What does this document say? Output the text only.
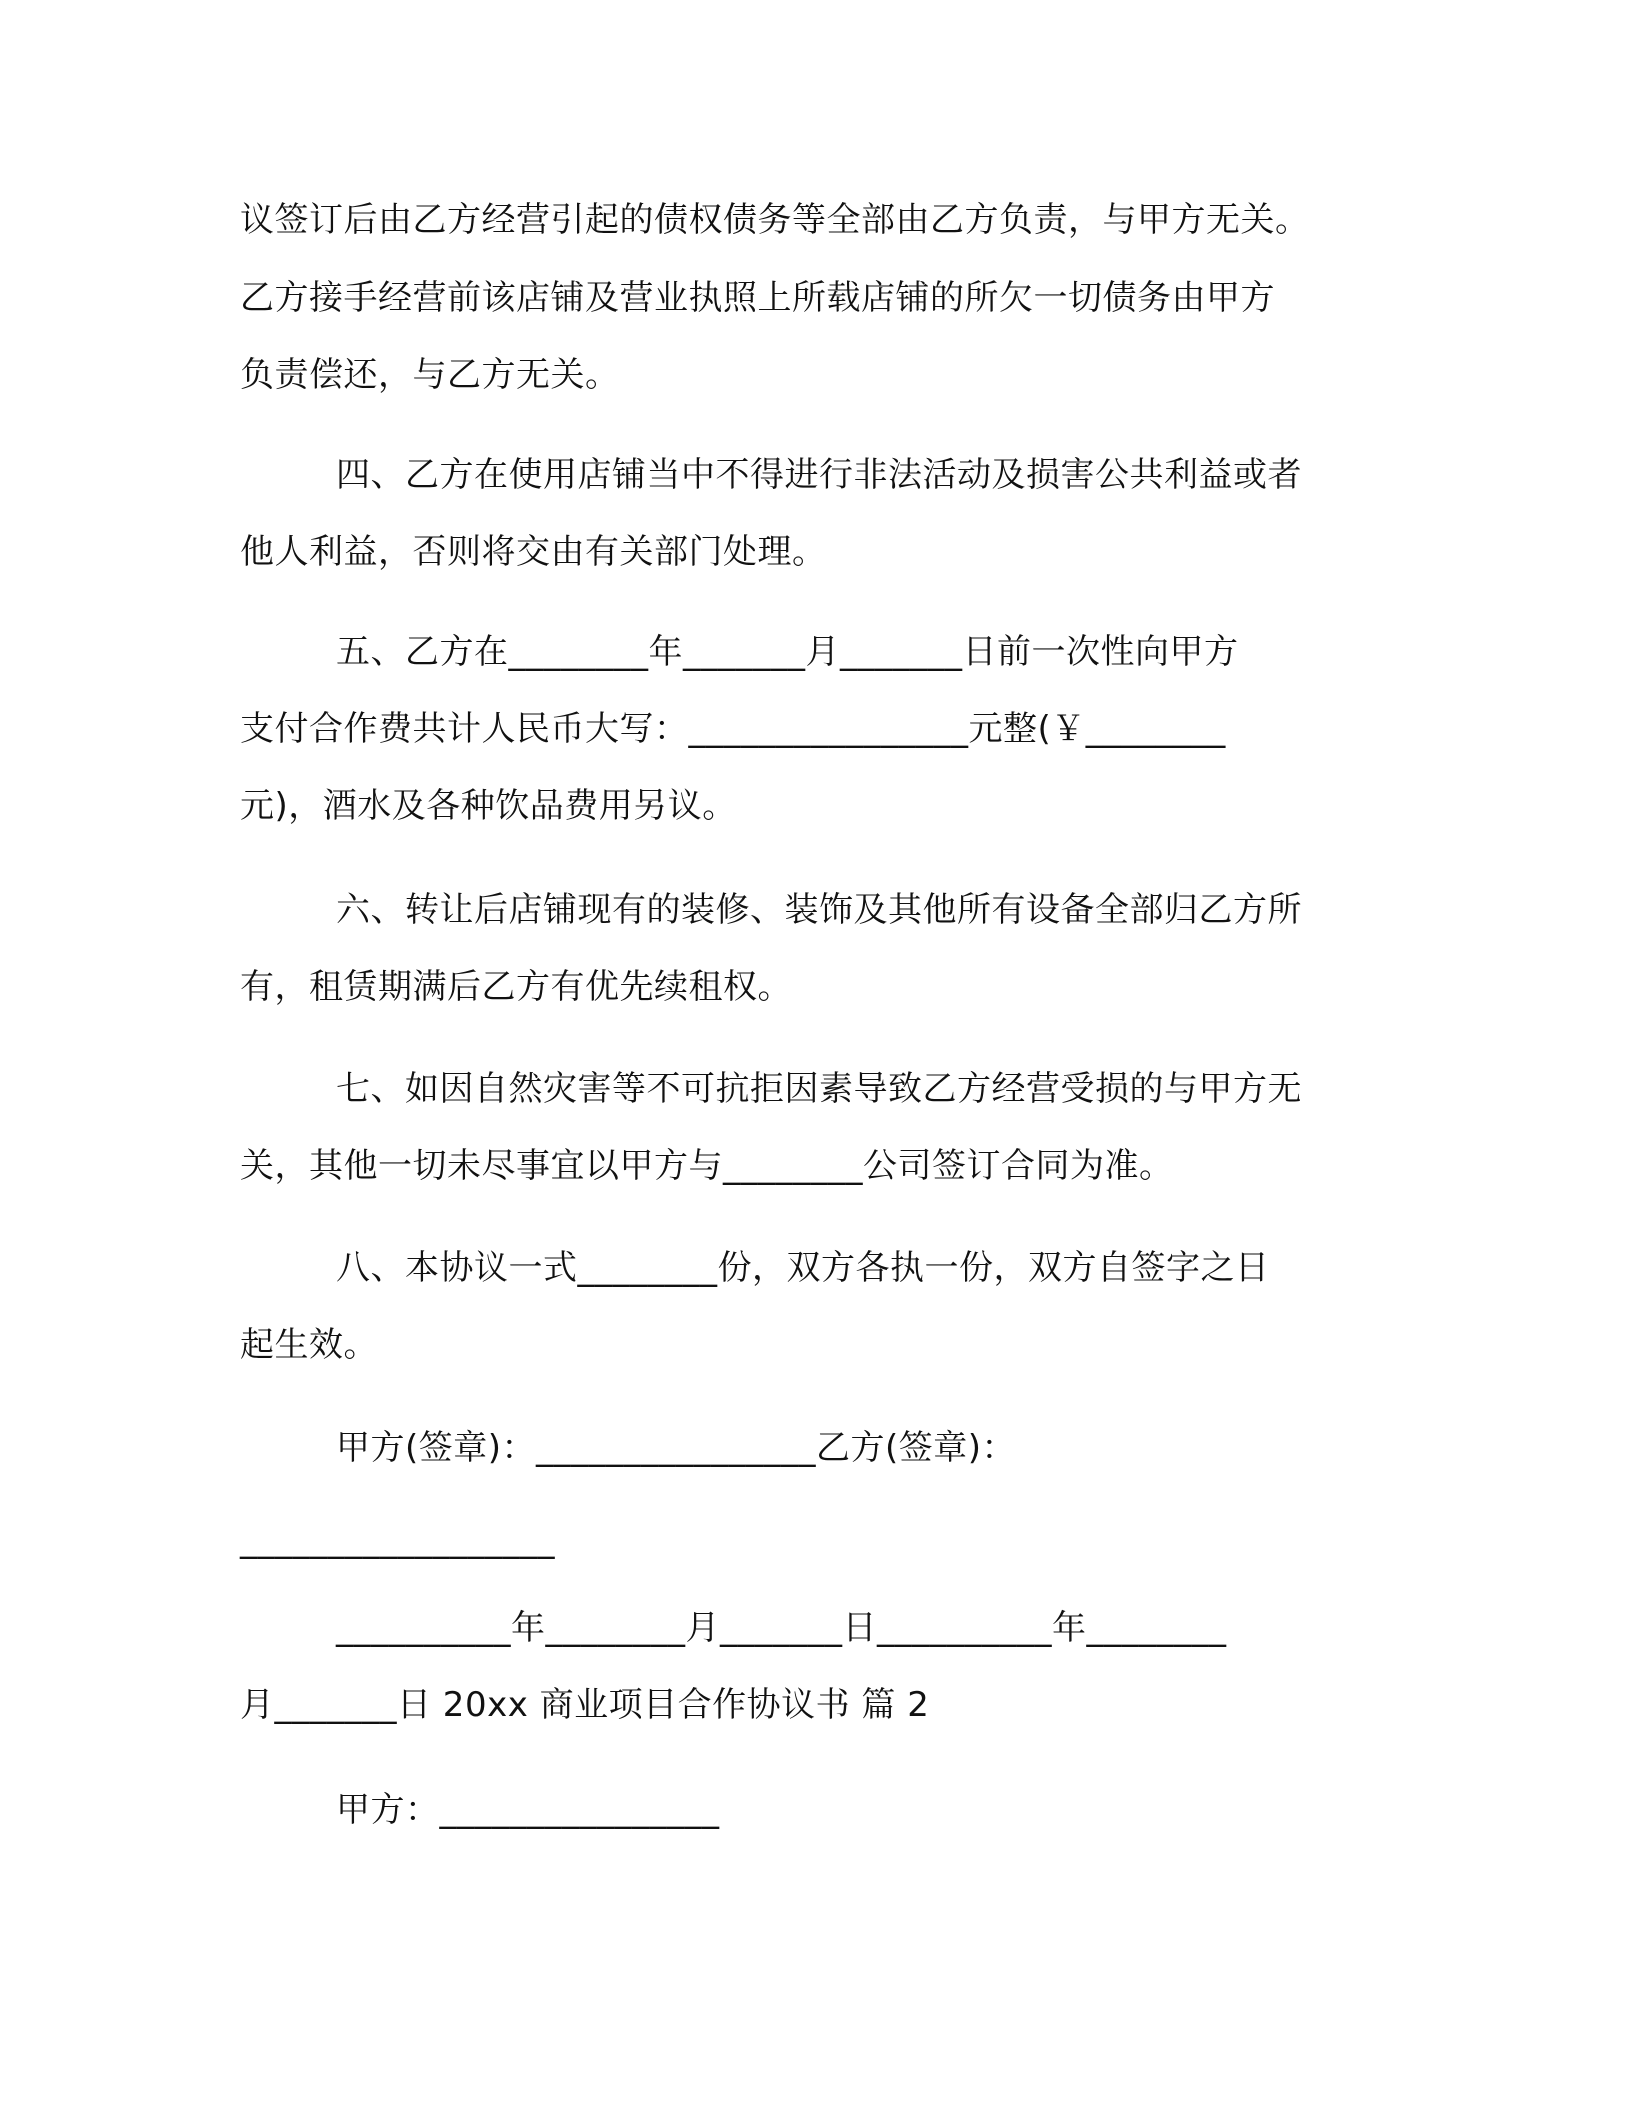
议签订后由乙方经营引起的债权债务等全部由乙方负责，与甲方无关。
乙方接手经营前该店铺及营业执照上所载店铺的所欠一切债务由甲方
负责偿还，与乙方无关。
四、乙方在使用店铺当中不得进行非法活动及损害公共利益或者
他人利益，否则将交由有关部门处理。
五、乙方在________年_______月_______日前一次性向甲方
支付合作费共计人民币大写：________________元整(￥________
元)，酒水及各种饮品费用另议。
六、转让后店铺现有的装修、装饰及其他所有设备全部归乙方所
有，租赁期满后乙方有优先续租权。
七、如因自然灾害等不可抗拒因素导致乙方经营受损的与甲方无
关，其他一切未尽事宜以甲方与________公司签订合同为准。
八、本协议一式________份，双方各执一份，双方自签字之日
起生效。
甲方(签章)：________________乙方(签章)：
__________________
__________年________月_______日__________年________
月_______日 20xx 商业项目合作协议书 篇 2
甲方：________________
